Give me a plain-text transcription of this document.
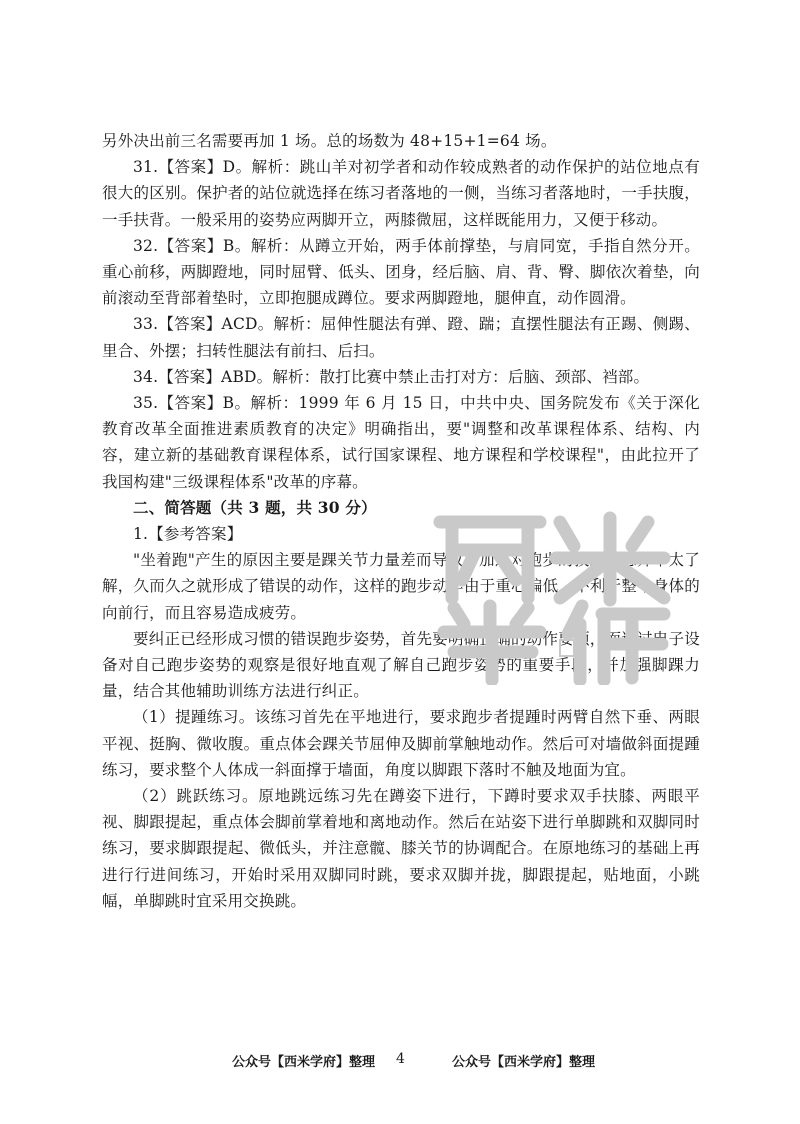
另外决出前三名需要再加 1 场。总的场数为 48+15+1=64 场。

31.【答案】D。解析：跳山羊对初学者和动作较成熟者的动作保护的站位地点有很大的区别。保护者的站位就选择在练习者落地的一侧，当练习者落地时，一手扶腹，一手扶背。一般采用的姿势应两脚开立，两膝微屈，这样既能用力，又便于移动。

32.【答案】B。解析：从蹲立开始，两手体前撑垫，与肩同宽，手指自然分开。重心前移，两脚蹬地，同时屈臂、低头、团身，经后脑、肩、背、臀、脚依次着垫，向前滚动至背部着垫时，立即抱腿成蹲位。要求两脚蹬地，腿伸直，动作圆滑。

33.【答案】ACD。解析：屈伸性腿法有弹、蹬、踹；直摆性腿法有正踢、侧踢、里合、外摆；扫转性腿法有前扫、后扫。

34.【答案】ABD。解析：散打比赛中禁止击打对方：后脑、颈部、裆部。

35.【答案】B。解析：1999 年 6 月 15 日，中共中央、国务院发布《关于深化教育改革全面推进素质教育的决定》明确指出，要"调整和改革课程体系、结构、内容，建立新的基础教育课程体系，试行国家课程、地方课程和学校课程"，由此拉开了我国构建"三级课程体系"改革的序幕。

二、简答题（共 3 题，共 30 分）

1.【参考答案】

"坐着跑"产生的原因主要是踝关节力量差而导致，加之对跑步的技术概念并不太了解，久而久之就形成了错误的动作，这样的跑步动作由于重心偏低，不利于整个身体的向前行，而且容易造成疲劳。

要纠正已经形成习惯的错误跑步姿势，首先要明确正确的动作要领，而通过电子设备对自己跑步姿势的观察是很好地直观了解自己跑步姿势的重要手段，并加强脚踝力量，结合其他辅助训练方法进行纠正。

（1）提踵练习。该练习首先在平地进行，要求跑步者提踵时两臂自然下垂、两眼平视、挺胸、微收腹。重点体会踝关节屈伸及脚前掌触地动作。然后可对墙做斜面提踵练习，要求整个人体成一斜面撑于墙面，角度以脚跟下落时不触及地面为宜。

（2）跳跃练习。原地跳远练习先在蹲姿下进行，下蹲时要求双手扶膝、两眼平视、脚跟提起，重点体会脚前掌着地和离地动作。然后在站姿下进行单脚跳和双脚同时练习，要求脚跟提起、微低头，并注意髋、膝关节的协调配合。在原地练习的基础上再进行行进间练习，开始时采用双脚同时跳，要求双脚并拢，脚跟提起，贴地面，小跳幅，单脚跳时宜采用交换跳。

公众号【西米学府】整理 4	公众号【西米学府】整理
